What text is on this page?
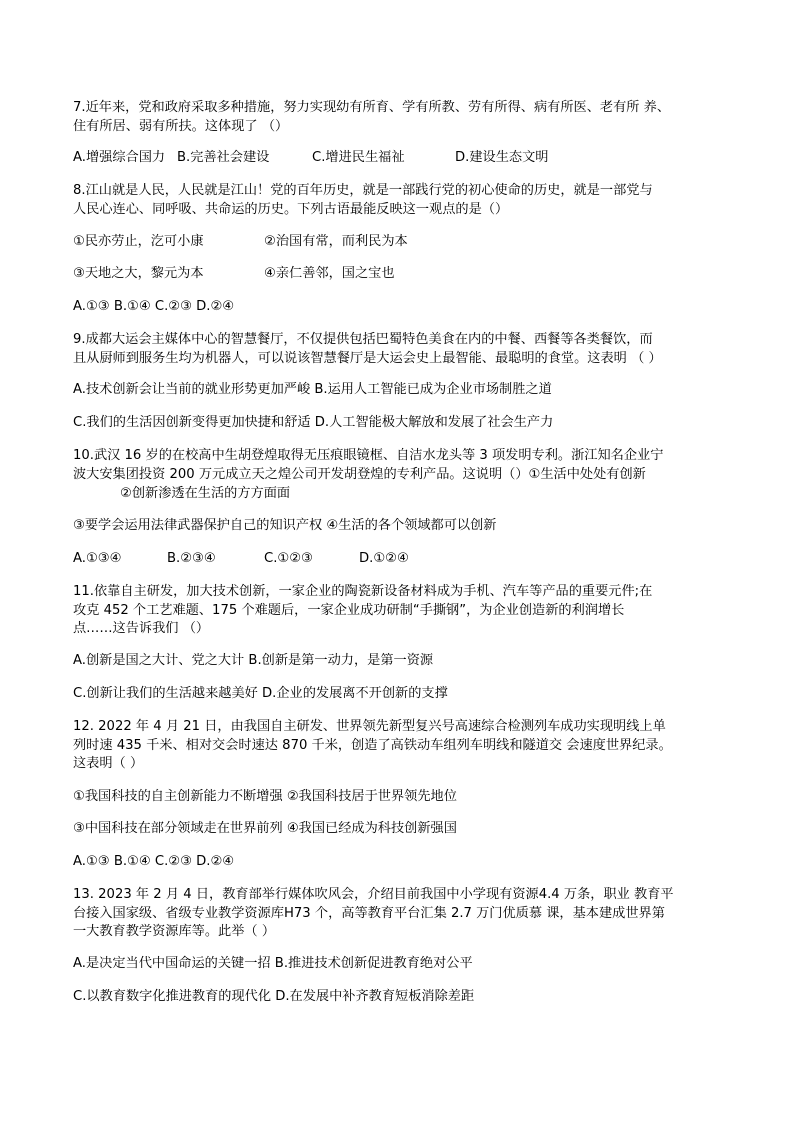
7.近年来，党和政府采取多种措施，努力实现幼有所育、学有所教、劳有所得、病有所医、老有所 养、
住有所居、弱有所扶。这体现了 （）
A.增强综合国力 B.完善社会建设	C.增进民生福祉	D.建设生态文明
8.江山就是人民，人民就是江山！党的百年历史，就是一部践行党的初心使命的历史，就是一部党与
人民心连心、同呼吸、共命运的历史。下列古语最能反映这一观点的是（）
①民亦劳止，汔可小康	②治国有常，而利民为本
③天地之大，黎元为本	④亲仁善邻，国之宝也
A.①③ B.①④ C.②③ D.②④
9.成都大运会主媒体中心的智慧餐厅，不仅提供包括巴蜀特色美食在内的中餐、西餐等各类餐饮，而
且从厨师到服务生均为机器人，可以说该智慧餐厅是大运会史上最智能、最聪明的食堂。这表明 （ ）
A.技术创新会让当前的就业形势更加严峻 B.运用人工智能已成为企业市场制胜之道
C.我们的生活因创新变得更加快捷和舒适 D.人工智能极大解放和发展了社会生产力
10.武汉 16 岁的在校高中生胡登煌取得无压痕眼镜框、自洁水龙头等 3 项发明专利。浙江知名企业宁
波大安集团投资 200 万元成立天之煌公司开发胡登煌的专利产品。这说明（）①生活中处处有创新
②创新渗透在生活的方方面面
③要学会运用法律武器保护自己的知识产权 ④生活的各个领域都可以创新
A.①③④	B.②③④	C.①②③	D.①②④
11.依靠自主研发，加大技术创新，一家企业的陶瓷新设备材料成为手机、汽车等产品的重要元件;在
攻克 452 个工艺难题、175 个难题后，一家企业成功研制“手撕钢”，为企业创造新的利润增长
点……这告诉我们 （）
A.创新是国之大计、党之大计 B.创新是第一动力，是第一资源
C.创新让我们的生活越来越美好 D.企业的发展离不开创新的支撑
12. 2022 年 4 月 21 日，由我国自主研发、世界领先新型复兴号高速综合检测列车成功实现明线上单
列时速 435 千米、相对交会时速达 870 千米，创造了高铁动车组列车明线和隧道交 会速度世界纪录。
这表明（ ）
①我国科技的自主创新能力不断增强 ②我国科技居于世界领先地位
③中国科技在部分领域走在世界前列 ④我国已经成为科技创新强国
A.①③ B.①④ C.②③ D.②④
13. 2023 年 2 月 4 日，教育部举行媒体吹风会，介绍目前我国中小学现有资源4.4 万条，职业 教育平
台接入国家级、省级专业教学资源库H73 个，高等教育平台汇集 2.7 万门优质慕 课，基本建成世界第
一大教育教学资源库等。此举（ ）
A.是决定当代中国命运的关键一招 B.推进技术创新促进教育绝对公平
C.以教育数字化推进教育的现代化 D.在发展中补齐教育短板消除差距
